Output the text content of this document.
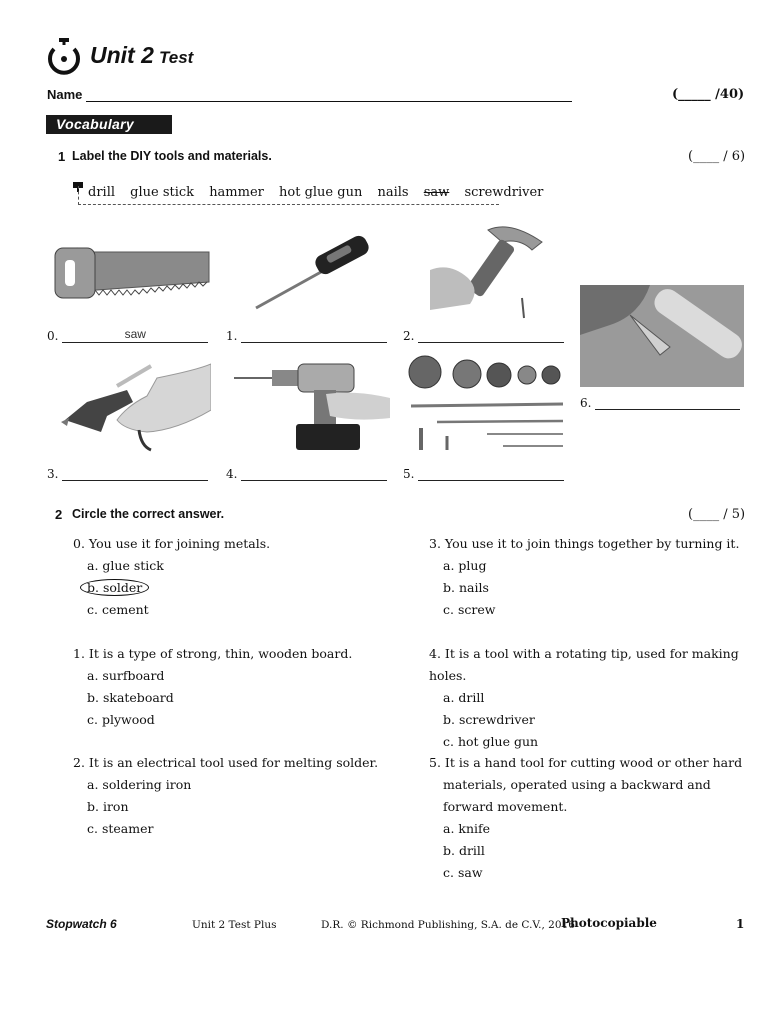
Unit 2 Test
Name	(_____ /40)
Vocabulary
1 Label the DIY tools and materials.	(____ / 6)
drill glue stick hammer hot glue gun nails saw screwdriver
0.	saw	1.	2.
6.
3.	4.	5.
2 Circle the correct answer.	(____ / 5)
0. You use it for joining metals.
a. glue stick
b. solder
c. cement
1. It is a type of strong, thin, wooden board.
a. surfboard
b. skateboard
c. plywood
2. It is an electrical tool used for melting solder.
a. soldering iron
b. iron
c. steamer
3. You use it to join things together by turning it.
a. plug
b. nails
c. screw
4. It is a tool with a rotating tip, used for making holes.
a. drill
b. screwdriver
c. hot glue gun
5. It is a hand tool for cutting wood or other hard
materials, operated using a backward and
forward movement.
a. knife
b. drill
c. saw
Stopwatch 6	Unit 2 Test Plus	D.R. © Richmond Publishing, S.A. de C.V., 2016
Photocopiable	1
